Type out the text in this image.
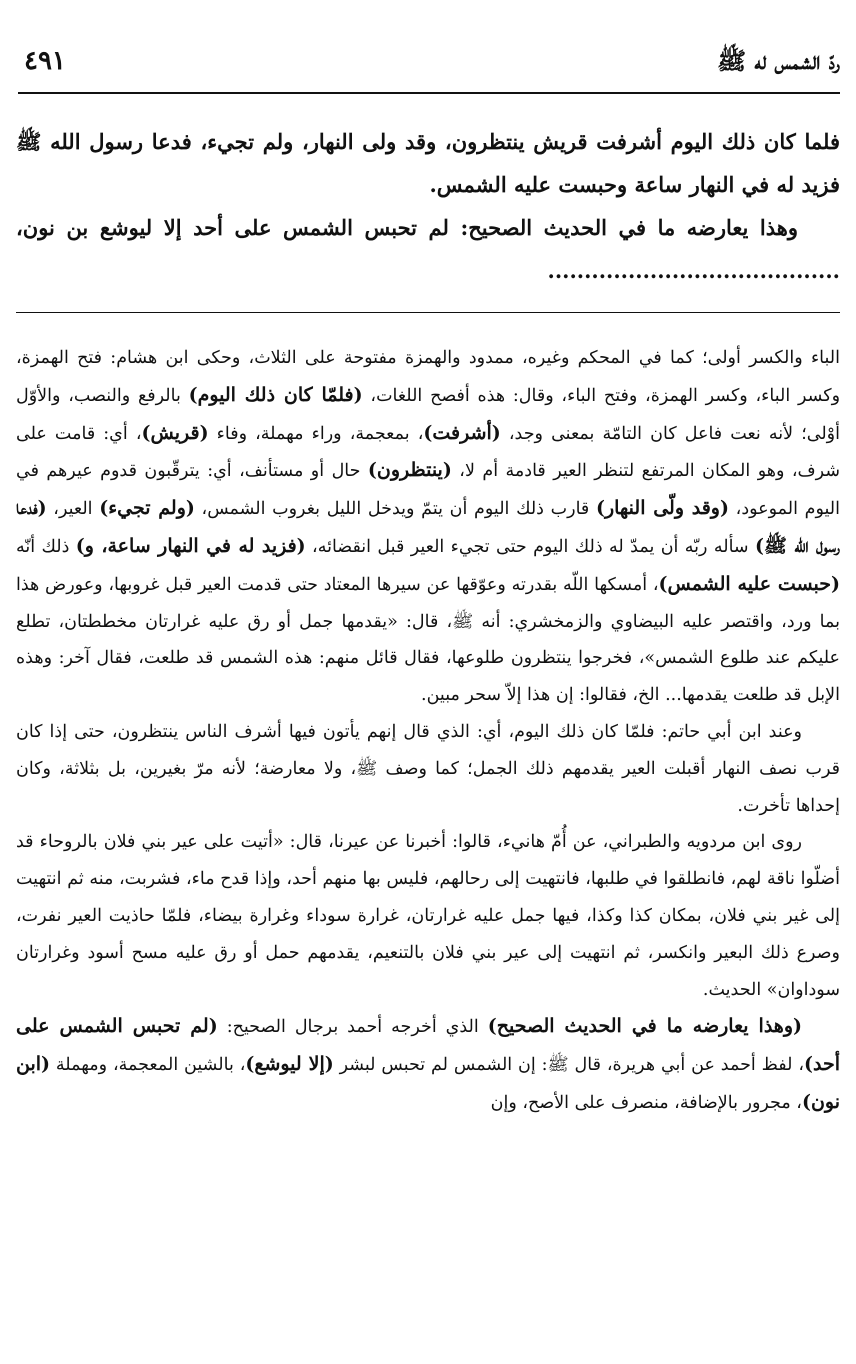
ردّ الشمس له ﷺ
٤٩١

فلما كان ذلك اليوم أشرفت قريش ينتظرون، وقد ولى النهار، ولم تجيء، فدعا رسول الله ﷺ فزيد له في النهار ساعة وحبست عليه الشمس.

وهذا يعارضه ما في الحديث الصحيح: لم تحبس الشمس على أحد إلا ليوشع بن نون، ........................................

الباء والكسر أولى؛ كما في المحكم وغيره، ممدود والهمزة مفتوحة على الثلاث، وحكى ابن هشام: فتح الهمزة، وكسر الباء، وكسر الهمزة، وفتح الباء، وقال: هذه أفصح اللغات، (فلمّا كان ذلك اليوم) بالرفع والنصب، والأوّل أوْلى؛ لأنه نعت فاعل كان التامّة بمعنى وجد، (أشرفت)، بمعجمة، وراء مهملة، وفاء (قريش)، أي: قامت على شرف، وهو المكان المرتفع لتنظر العير قادمة أم لا، (ينتظرون) حال أو مستأنف، أي: يترقّبون قدوم عيرهم في اليوم الموعود، (وقد ولّى النهار) قارب ذلك اليوم أن يتمّ ويدخل الليل بغروب الشمس، (ولم تجيء) العير، (فدعا رسول اللّه ﷺ) سأله ربّه أن يمدّ له ذلك اليوم حتى تجيء العير قبل انقضائه، (فزيد له في النهار ساعة، و) ذلك أنّه (حبست عليه الشمس)، أمسكها اللّه بقدرته وعوّقها عن سيرها المعتاد حتى قدمت العير قبل غروبها، وعورض هذا بما ورد، واقتصر عليه البيضاوي والزمخشري: أنه ﷺ، قال: «يقدمها جمل أو رق عليه غرارتان مخططتان، تطلع عليكم عند طلوع الشمس»، فخرجوا ينتظرون طلوعها، فقال قائل منهم: هذه الشمس قد طلعت، فقال آخر: وهذه الإبل قد طلعت يقدمها... الخ، فقالوا: إن هذا إلاّ سحر مبين.

وعند ابن أبي حاتم: فلمّا كان ذلك اليوم، أي: الذي قال إنهم يأتون فيها أشرف الناس ينتظرون، حتى إذا كان قرب نصف النهار أقبلت العير يقدمهم ذلك الجمل؛ كما وصف ﷺ، ولا معارضة؛ لأنه مرّ بغيرين، بل بثلاثة، وكان إحداها تأخرت.

روى ابن مردويه والطبراني، عن أُمّ هانيء، قالوا: أخبرنا عن عيرنا، قال: «أتيت على عير بني فلان بالروحاء قد أضلّوا ناقة لهم، فانطلقوا في طلبها، فانتهيت إلى رحالهم، فليس بها منهم أحد، وإذا قدح ماء، فشربت، منه ثم انتهيت إلى غير بني فلان، بمكان كذا وكذا، فيها جمل عليه غرارتان، غرارة سوداء وغرارة بيضاء، فلمّا حاذيت العير نفرت، وصرع ذلك البعير وانكسر، ثم انتهيت إلى عير بني فلان بالتنعيم، يقدمهم حمل أو رق عليه مسح أسود وغرارتان سوداوان» الحديث.

(وهذا يعارضه ما في الحديث الصحيح) الذي أخرجه أحمد برجال الصحيح: (لم تحبس الشمس على أحد)، لفظ أحمد عن أبي هريرة، قال ﷺ: إن الشمس لم تحبس لبشر (إلا ليوشع)، بالشين المعجمة، ومهملة (ابن نون)، مجرور بالإضافة، منصرف على الأصح، وإن
